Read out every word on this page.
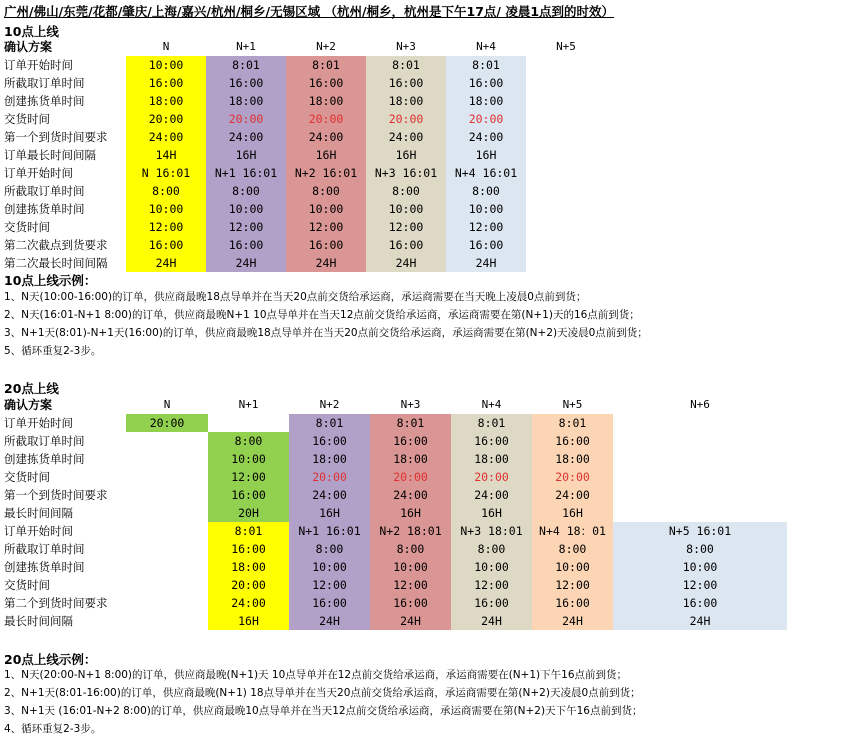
广州/佛山/东莞/花都/肇庆/上海/嘉兴/杭州/桐乡/无锡区域 （杭州/桐乡，杭州是下午17点/ 凌晨1点到的时效）
10点上线
确认方案	N	N+1	N+2	N+3	N+4	N+5
订单开始时间	10:00	8:01	8:01	8:01	8:01	
所截取订单时间	16:00	16:00	16:00	16:00	16:00	
创建拣货单时间	18:00	18:00	18:00	18:00	18:00	
交货时间	20:00	20:00	20:00	20:00	20:00	
第一个到货时间要求	24:00	24:00	24:00	24:00	24:00	
订单最长时间间隔	14H	16H	16H	16H	16H	
订单开始时间	N 16:01	N+1 16:01	N+2 16:01	N+3 16:01	N+4 16:01	
所截取订单时间	8:00	8:00	8:00	8:00	8:00	
创建拣货单时间	10:00	10:00	10:00	10:00	10:00	
交货时间	12:00	12:00	12:00	12:00	12:00	
第二次截点到货要求	16:00	16:00	16:00	16:00	16:00	
第二次最长时间间隔	24H	24H	24H	24H	24H	
10点上线示例：
1、N天(10:00-16:00)的订单，供应商最晚18点导单并在当天20点前交货给承运商，承运商需要在当天晚上凌晨0点前到货；
2、N天(16:01-N+1 8:00)的订单，供应商最晚N+1 10点导单并在当天12点前交货给承运商，承运商需要在第(N+1)天的16点前到货；
3、N+1天(8:01)-N+1天(16:00)的订单，供应商最晚18点导单并在当天20点前交货给承运商，承运商需要在第(N+2)天凌晨0点前到货；
5、循环重复2-3步。
20点上线
确认方案	N	N+1	N+2	N+3	N+4	N+5	N+6
订单开始时间	20:00		8:01	8:01	8:01	8:01	
所截取订单时间		8:00	16:00	16:00	16:00	16:00	
创建拣货单时间		10:00	18:00	18:00	18:00	18:00	
交货时间		12:00	20:00	20:00	20:00	20:00	
第一个到货时间要求		16:00	24:00	24:00	24:00	24:00	
最长时间间隔		20H	16H	16H	16H	16H	
订单开始时间		8:01	N+1 16:01	N+2 18:01	N+3 18:01	N+4 18：01	N+5 16:01
所截取订单时间		16:00	8:00	8:00	8:00	8:00	8:00
创建拣货单时间		18:00	10:00	10:00	10:00	10:00	10:00
交货时间		20:00	12:00	12:00	12:00	12:00	12:00
第二个到货时间要求		24:00	16:00	16:00	16:00	16:00	16:00
最长时间间隔		16H	24H	24H	24H	24H	24H
20点上线示例：
1、N天(20:00-N+1 8:00)的订单，供应商最晚(N+1)天 10点导单并在12点前交货给承运商，承运商需要在(N+1)下午16点前到货；
2、N+1天(8:01-16:00)的订单，供应商最晚(N+1) 18点导单并在当天20点前交货给承运商，承运商需要在第(N+2)天凌晨0点前到货；
3、N+1天 (16:01-N+2 8:00)的订单，供应商最晚10点导单并在当天12点前交货给承运商，承运商需要在第(N+2)天下午16点前到货；
4、循环重复2-3步。
